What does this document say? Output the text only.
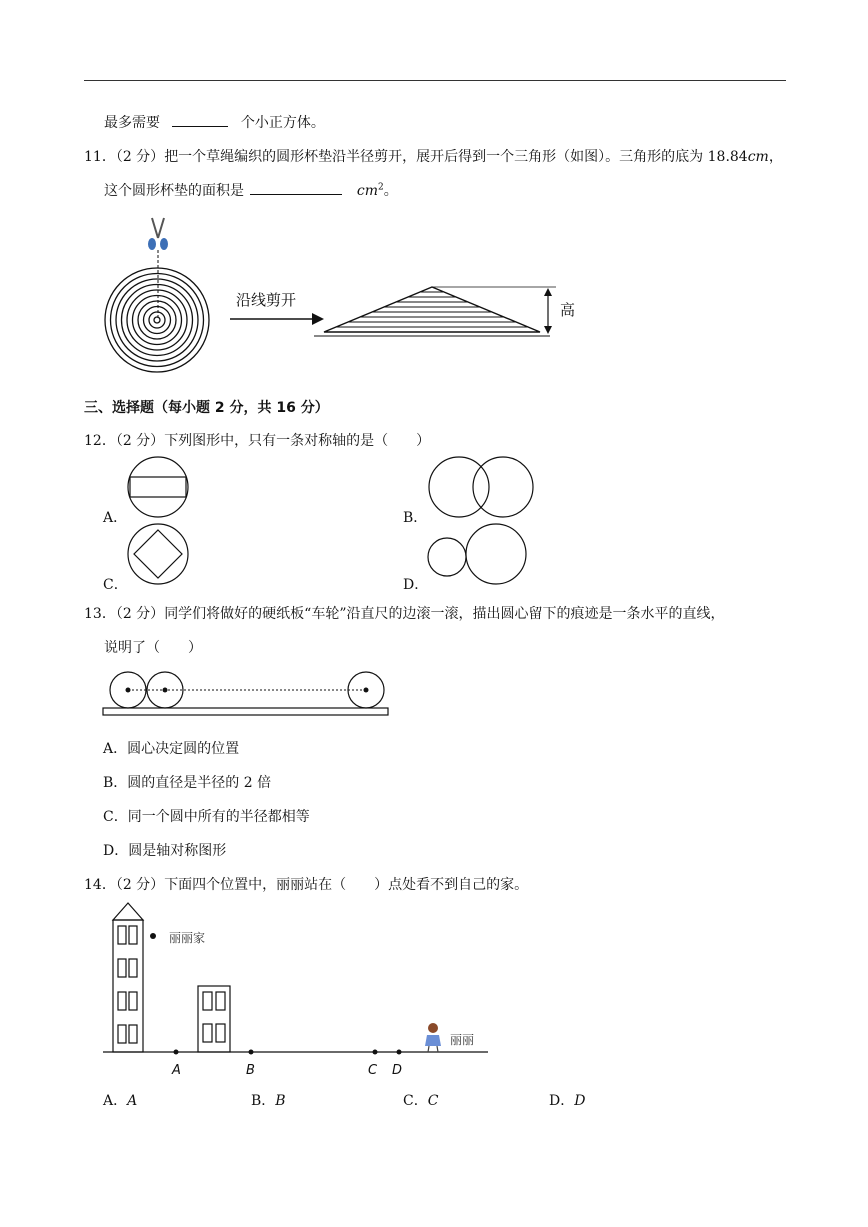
最多需要	个小正方体。
11．（2 分）把一个草绳编织的圆形杯垫沿半径剪开，展开后得到一个三角形（如图）。三角形的底为 18.84cm，
这个圆形杯垫的面积是	$cm^2$。
沿线剪开
高
三、选择题（每小题 2 分，共 16 分）
12．（2 分）下列图形中，只有一条对称轴的是（　　）
A．	B．
C．	D．
13．（2 分）同学们将做好的硬纸板“车轮”沿直尺的边滚一滚，描出圆心留下的痕迹是一条水平的直线，
说明了（　　）
A．圆心决定圆的位置
B．圆的直径是半径的 2 倍
C．同一个圆中所有的半径都相等
D．圆是轴对称图形
14．（2 分）下面四个位置中，丽丽站在（　　）点处看不到自己的家。
丽丽家
A	B	C D
丽丽
A．A	B．B	C．C	D．D
